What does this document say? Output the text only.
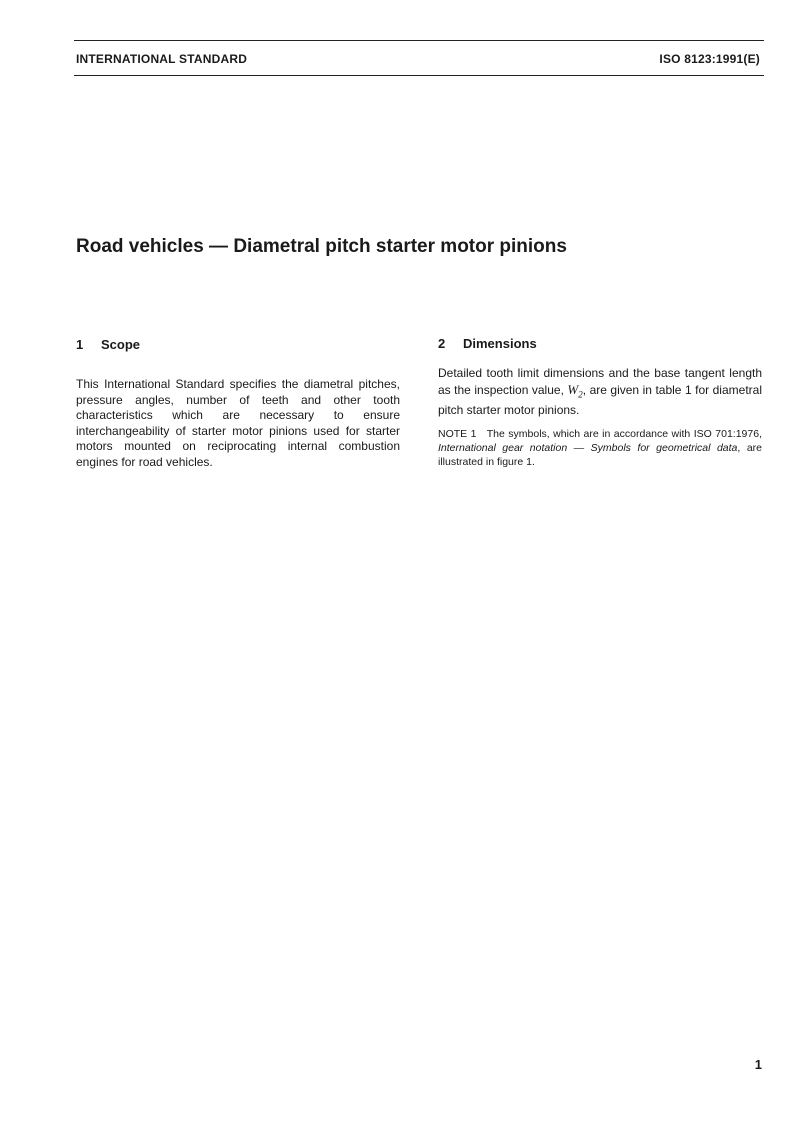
INTERNATIONAL STANDARD	ISO 8123:1991(E)
Road vehicles — Diametral pitch starter motor pinions
1 Scope

This International Standard specifies the diametral pitches, pressure angles, number of teeth and other tooth characteristics which are necessary to ensure interchangeability of starter motor pinions used for starter motors mounted on reciprocating internal combustion engines for road vehicles.

2 Dimensions

Detailed tooth limit dimensions and the base tangent length as the inspection value, $W_2$, are given in table 1 for diametral pitch starter motor pinions.

NOTE 1 The symbols, which are in accordance with ISO 701:1976, International gear notation — Symbols for geometrical data, are illustrated in figure 1.

1
